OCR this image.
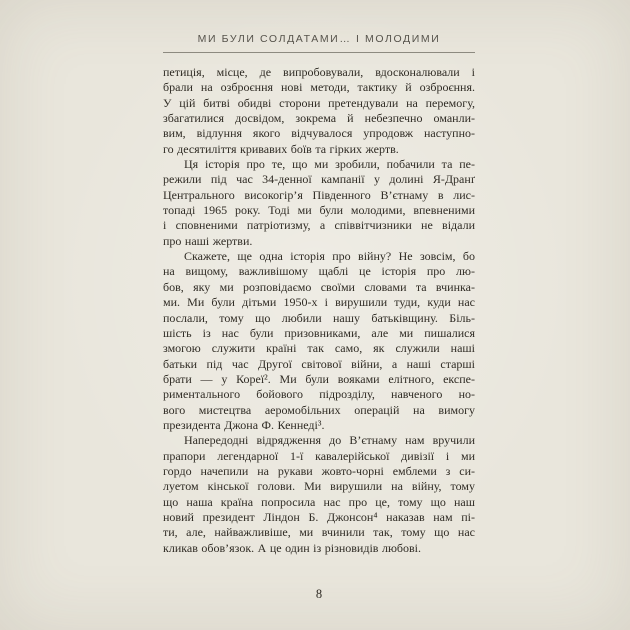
МИ БУЛИ СОЛДАТАМИ… І МОЛОДИМИ
петиція, місце, де випробовували, вдосконалювали і
брали на озброєння нові методи, тактику й озброєння.
У цій битві обидві сторони претендували на перемогу,
збагатилися досвідом, зокрема й небезпечно оманли-
вим, відлуння якого відчувалося упродовж наступно-
го десятиліття кривавих боїв та гірких жертв.
Ця історія про те, що ми зробили, побачили та пе-
режили під час 34-денної кампанії у долині Я-Дранґ
Центрального високогір’я Південного В’єтнаму в лис-
топаді 1965 року. Тоді ми були молодими, впевненими
і сповненими патріотизму, а співвітчизники не відали
про наші жертви.
Скажете, ще одна історія про війну? Не зовсім, бо
на вищому, важливішому щаблі це історія про лю-
бов, яку ми розповідаємо своїми словами та вчинка-
ми. Ми були дітьми 1950-х і вирушили туди, куди нас
послали, тому що любили нашу батьківщину. Біль-
шість із нас були призовниками, але ми пишалися
змогою служити країні так само, як служили наші
батьки під час Другої світової війни, а наші старші
брати — у Кореї². Ми були вояками елітного, експе-
риментального бойового підрозділу, навченого но-
вого мистецтва аеромобільних операцій на вимогу
президента Джона Ф. Кеннеді³.
Напередодні відрядження до В’єтнаму нам вручили
прапори легендарної 1-ї кавалерійської дивізії і ми
гордо начепили на рукави жовто-чорні емблеми з си-
луетом кінської голови. Ми вирушили на війну, тому
що наша країна попросила нас про це, тому що наш
новий президент Ліндон Б. Джонсон⁴ наказав нам пі-
ти, але, найважливіше, ми вчинили так, тому що нас
кликав обов’язок. А це один із різновидів любові.
8
